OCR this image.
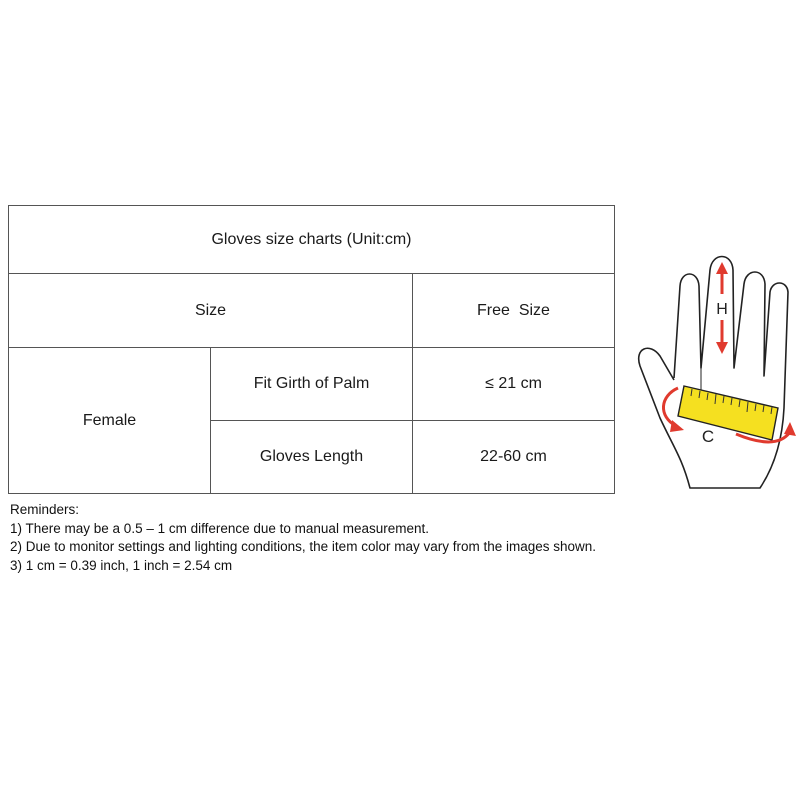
Gloves size charts (Unit:cm)		
Size		Free  Size
Female	Fit Girth of Palm	≤ 21 cm
	Gloves Length	22-60 cm
Reminders:
1) There may be a 0.5 – 1 cm difference due to manual measurement.
2) Due to monitor settings and lighting conditions, the item color may vary from the images shown.
3) 1 cm = 0.39 inch, 1 inch = 2.54 cm
H
C
